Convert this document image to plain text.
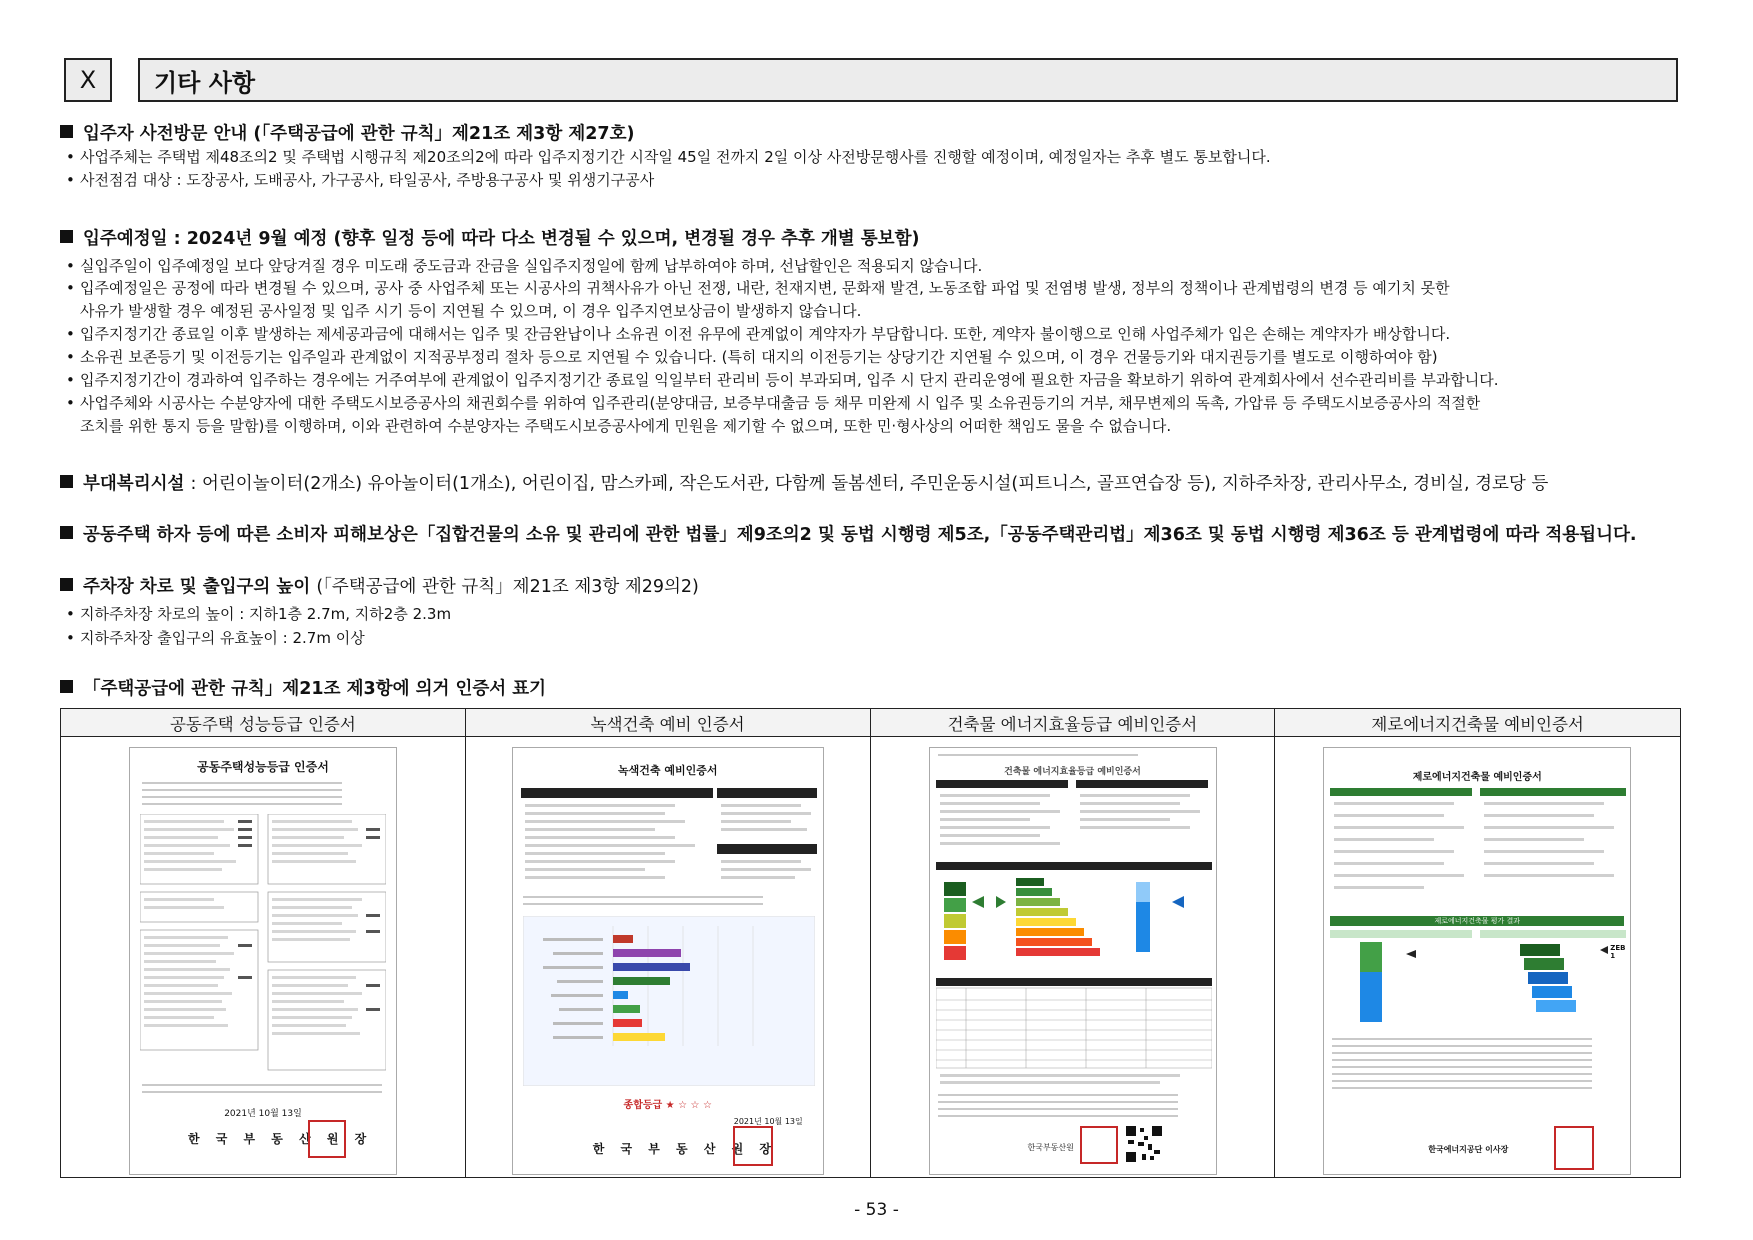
X	기타 사항
입주자 사전방문 안내 (「주택공급에 관한 규칙」제21조 제3항 제27호)
• 사업주체는 주택법 제48조의2 및 주택법 시행규칙 제20조의2에 따라 입주지정기간 시작일 45일 전까지 2일 이상 사전방문행사를 진행할 예정이며, 예정일자는 추후 별도 통보합니다.
• 사전점검 대상 : 도장공사, 도배공사, 가구공사, 타일공사, 주방용구공사 및 위생기구공사
입주예정일 : 2024년 9월 예정 (향후 일정 등에 따라 다소 변경될 수 있으며, 변경될 경우 추후 개별 통보함)
• 실입주일이 입주예정일 보다 앞당겨질 경우 미도래 중도금과 잔금을 실입주지정일에 함께 납부하여야 하며, 선납할인은 적용되지 않습니다.
• 입주예정일은 공정에 따라 변경될 수 있으며, 공사 중 사업주체 또는 시공사의 귀책사유가 아닌 전쟁, 내란, 천재지변, 문화재 발견, 노동조합 파업 및 전염병 발생, 정부의 정책이나 관계법령의 변경 등 예기치 못한
사유가 발생할 경우 예정된 공사일정 및 입주 시기 등이 지연될 수 있으며, 이 경우 입주지연보상금이 발생하지 않습니다.
• 입주지정기간 종료일 이후 발생하는 제세공과금에 대해서는 입주 및 잔금완납이나 소유권 이전 유무에 관계없이 계약자가 부담합니다. 또한, 계약자 불이행으로 인해 사업주체가 입은 손해는 계약자가 배상합니다.
• 소유권 보존등기 및 이전등기는 입주일과 관계없이 지적공부정리 절차 등으로 지연될 수 있습니다. (특히 대지의 이전등기는 상당기간 지연될 수 있으며, 이 경우 건물등기와 대지권등기를 별도로 이행하여야 함)
• 입주지정기간이 경과하여 입주하는 경우에는 거주여부에 관계없이 입주지정기간 종료일 익일부터 관리비 등이 부과되며, 입주 시 단지 관리운영에 필요한 자금을 확보하기 위하여 관계회사에서 선수관리비를 부과합니다.
• 사업주체와 시공사는 수분양자에 대한 주택도시보증공사의 채권회수를 위하여 입주관리(분양대금, 보증부대출금 등 채무 미완제 시 입주 및 소유권등기의 거부, 채무변제의 독촉, 가압류 등 주택도시보증공사의 적절한
조치를 위한 통지 등을 말함)를 이행하며, 이와 관련하여 수분양자는 주택도시보증공사에게 민원을 제기할 수 없으며, 또한 민·형사상의 어떠한 책임도 물을 수 없습니다.
부대복리시설 : 어린이놀이터(2개소) 유아놀이터(1개소), 어린이집, 맘스카페, 작은도서관, 다함께 돌봄센터, 주민운동시설(피트니스, 골프연습장 등), 지하주차장, 관리사무소, 경비실, 경로당 등
공동주택 하자 등에 따른 소비자 피해보상은「집합건물의 소유 및 관리에 관한 법률」제9조의2 및 동법 시행령 제5조,「공동주택관리법」제36조 및 동법 시행령 제36조 등 관계법령에 따라 적용됩니다.
주차장 차로 및 출입구의 높이 (「주택공급에 관한 규칙」제21조 제3항 제29의2)
• 지하주차장 차로의 높이 : 지하1층 2.7m, 지하2층 2.3m
• 지하주차장 출입구의 유효높이 : 2.7m 이상
「주택공급에 관한 규칙」제21조 제3항에 의거 인증서 표기
공동주택 성능등급 인증서	녹색건축 예비 인증서	건축물 에너지효율등급 예비인증서	제로에너지건축물 예비인증서
공동주택성능등급 인증서
2021년 10월 13일
한 국 부 동 산 원 장
녹색건축 예비인증서
종합등급 ★ ☆ ☆ ☆
2021년 10월 13일
한 국 부 동 산 원 장
건축물 에너지효율등급 예비인증서
한국부동산원
제로에너지건축물 예비인증서
제로에너지건축물 평가 결과
ZEB 1
한국에너지공단 이사장
- 53 -
